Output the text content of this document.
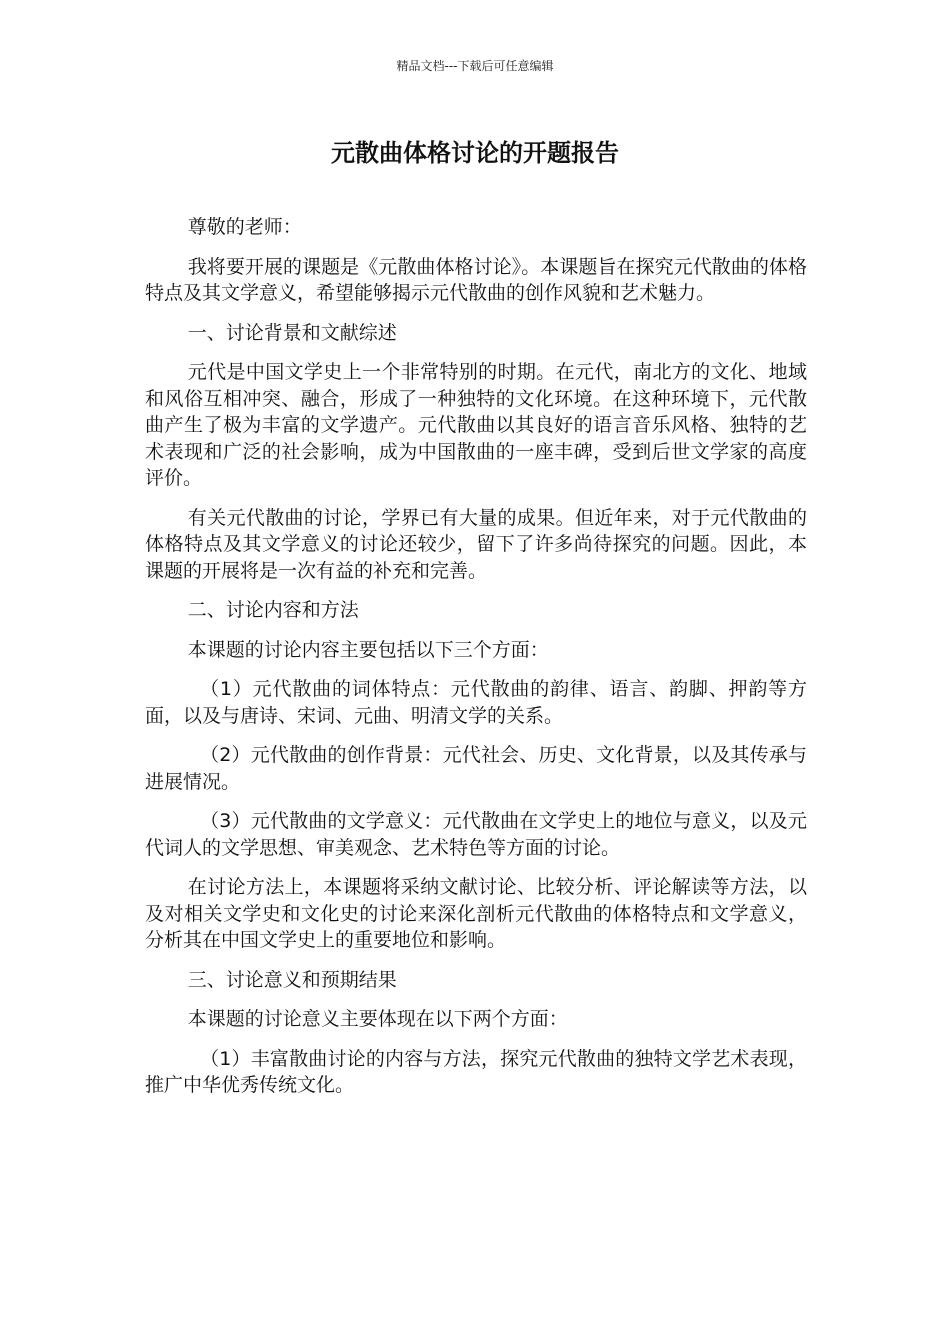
精品文档---下载后可任意编辑
元散曲体格讨论的开题报告

尊敬的老师：

我将要开展的课题是《元散曲体格讨论》。本课题旨在探究元代散曲的体格特点及其文学意义，希望能够揭示元代散曲的创作风貌和艺术魅力。

一、讨论背景和文献综述

元代是中国文学史上一个非常特别的时期。在元代，南北方的文化、地域和风俗互相冲突、融合，形成了一种独特的文化环境。在这种环境下，元代散曲产生了极为丰富的文学遗产。元代散曲以其良好的语言音乐风格、独特的艺术表现和广泛的社会影响，成为中国散曲的一座丰碑，受到后世文学家的高度评价。

有关元代散曲的讨论，学界已有大量的成果。但近年来，对于元代散曲的体格特点及其文学意义的讨论还较少，留下了许多尚待探究的问题。因此，本课题的开展将是一次有益的补充和完善。

二、讨论内容和方法

本课题的讨论内容主要包括以下三个方面：

（1）元代散曲的词体特点：元代散曲的韵律、语言、韵脚、押韵等方面，以及与唐诗、宋词、元曲、明清文学的关系。

（2）元代散曲的创作背景：元代社会、历史、文化背景，以及其传承与进展情况。

（3）元代散曲的文学意义：元代散曲在文学史上的地位与意义，以及元代词人的文学思想、审美观念、艺术特色等方面的讨论。

在讨论方法上，本课题将采纳文献讨论、比较分析、评论解读等方法，以及对相关文学史和文化史的讨论来深化剖析元代散曲的体格特点和文学意义，分析其在中国文学史上的重要地位和影响。

三、讨论意义和预期结果

本课题的讨论意义主要体现在以下两个方面：

（1）丰富散曲讨论的内容与方法，探究元代散曲的独特文学艺术表现，推广中华优秀传统文化。
